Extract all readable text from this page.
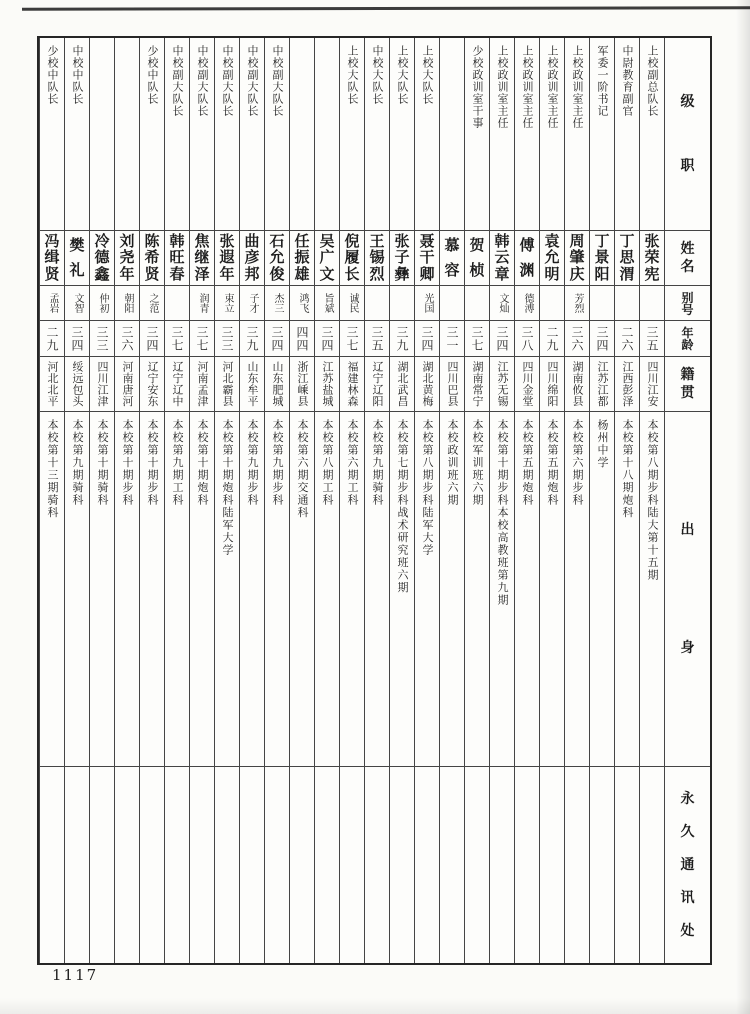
级
职
姓
名
别
号
年
龄
籍
贯
出
身
永
久
通
讯
处
上校副总队长
张
荣
宪
三五
四川江安
本校第八期步科陆大第十五期
中尉教育副官
丁
思
渭
二六
江西彭泽
本校第十八期炮科
军委一阶书记
丁
景
阳
三四
江苏江都
杨州中学
上校政训室主任
周
肇
庆
芳烈
三六
湖南攸县
本校第六期步科
上校政训室主任
袁
允
明
二九
四川绵阳
本校第五期炮科
上校政训室主任
傅
渊
德溥
三八
四川金堂
本校第五期炮科
上校政训室主任
韩
云
章
文灿
三四
江苏无锡
本校第十期步科本校高教班第九期
少校政训室干事
贺
桢
三七
湖南常宁
本校军训班六期
慕
容
三一
四川巴县
本校政训班六期
上校大队长
聂
干
卿
光国
三四
湖北黄梅
本校第八期步科陆军大学
上校大队长
张
子
彝
三九
湖北武昌
本校第七期步科战术研究班六期
中校大队长
王
锡
烈
三五
辽宁辽阳
本校第九期骑科
上校大队长
倪
履
长
诚民
三七
福建林森
本校第六期工科
吴
广
文
旨斌
三四
江苏盐城
本校第八期工科
任
振
雄
鸿飞
四四
浙江嵊县
本校第六期交通科
中校副大队长
石
允
俊
杰三
三四
山东肥城
本校第九期步科
中校副大队长
曲
彦
邦
子才
三九
山东牟平
本校第九期步科
中校副大队长
张
遐
年
束立
三三
河北霸县
本校第十期炮科陆军大学
中校副大队长
焦
继
泽
润青
三七
河南孟津
本校第十期炮科
中校副大队长
韩
旺
春
三七
辽宁辽中
本校第九期工科
少校中队长
陈
希
贤
之范
三四
辽宁安东
本校第十期步科
刘
尧
年
朝阳
三六
河南唐河
本校第十期步科
冷
德
鑫
仲初
三三
四川江津
本校第十期骑科
中校中队长
樊
礼
文智
三四
绥远包头
本校第九期骑科
少校中队长
冯
缉
贤
孟岩
二九
河北北平
本校第十三期骑科
1117
